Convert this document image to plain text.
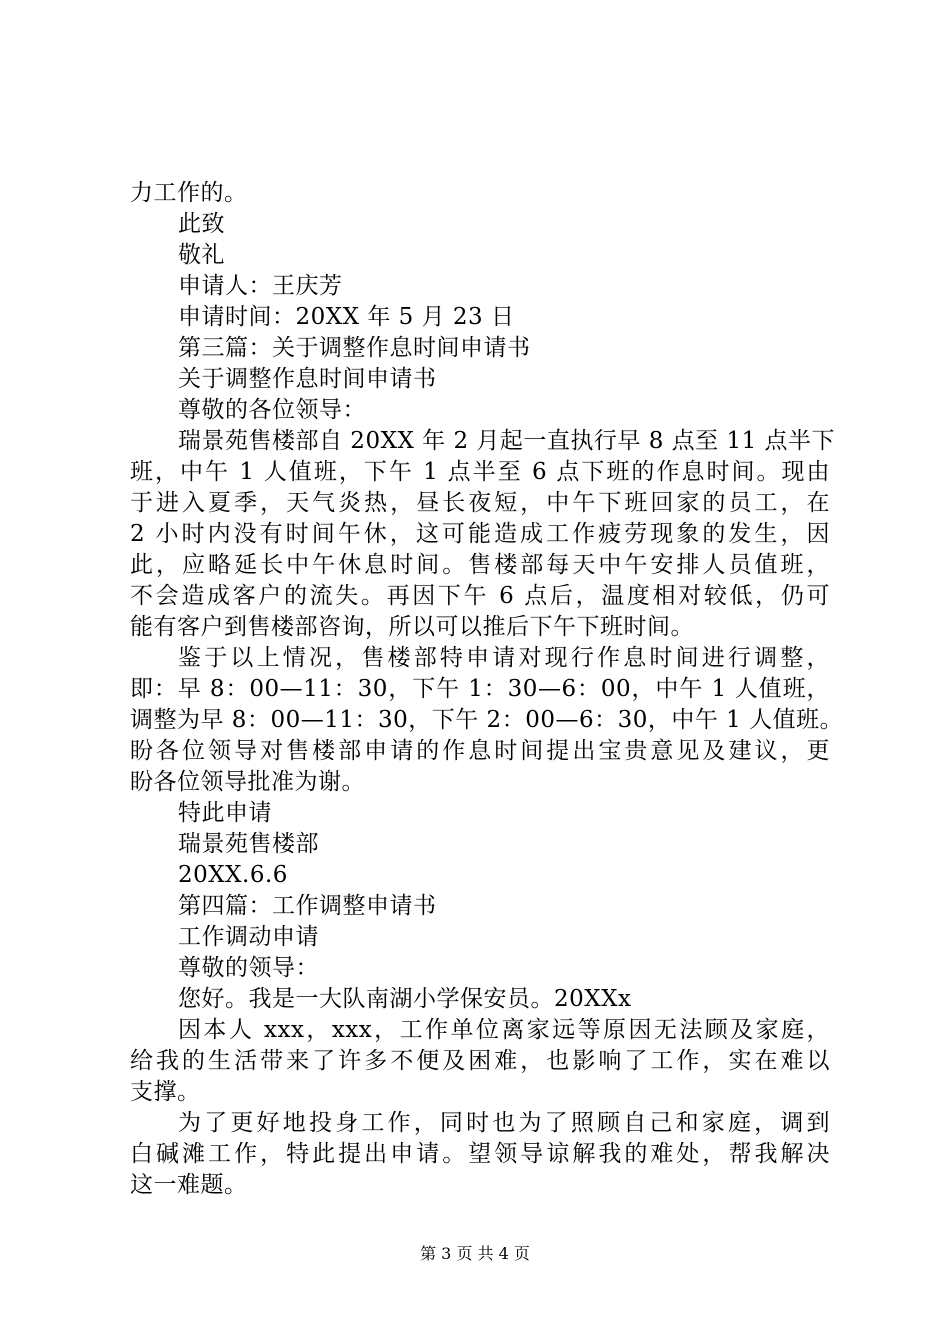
力工作的。
此致
敬礼
申请人：王庆芳
申请时间：20XX 年 5 月 23 日
第三篇：关于调整作息时间申请书
关于调整作息时间申请书
尊敬的各位领导：
瑞景苑售楼部自 20XX 年 2 月起一直执行早 8 点至 11 点半下
班，中午 1 人值班，下午 1 点半至 6 点下班的作息时间。现由
于进入夏季，天气炎热，昼长夜短，中午下班回家的员工，在
2 小时内没有时间午休，这可能造成工作疲劳现象的发生，因
此，应略延长中午休息时间。售楼部每天中午安排人员值班，
不会造成客户的流失。再因下午 6 点后，温度相对较低，仍可
能有客户到售楼部咨询，所以可以推后下午下班时间。
鉴于以上情况，售楼部特申请对现行作息时间进行调整，
即：早 8：00—11：30，下午 1：30—6：00，中午 1 人值班，
调整为早 8：00—11：30，下午 2：00—6：30，中午 1 人值班。
盼各位领导对售楼部申请的作息时间提出宝贵意见及建议，更
盼各位领导批准为谢。
特此申请
瑞景苑售楼部
20XX.6.6
第四篇：工作调整申请书
工作调动申请
尊敬的领导：
您好。我是一大队南湖小学保安员。20XXx
因本人 xxx，xxx，工作单位离家远等原因无法顾及家庭，
给我的生活带来了许多不便及困难，也影响了工作，实在难以
支撑。
为了更好地投身工作，同时也为了照顾自己和家庭，调到
白碱滩工作，特此提出申请。望领导谅解我的难处，帮我解决
这一难题。
第 3 页 共 4 页
